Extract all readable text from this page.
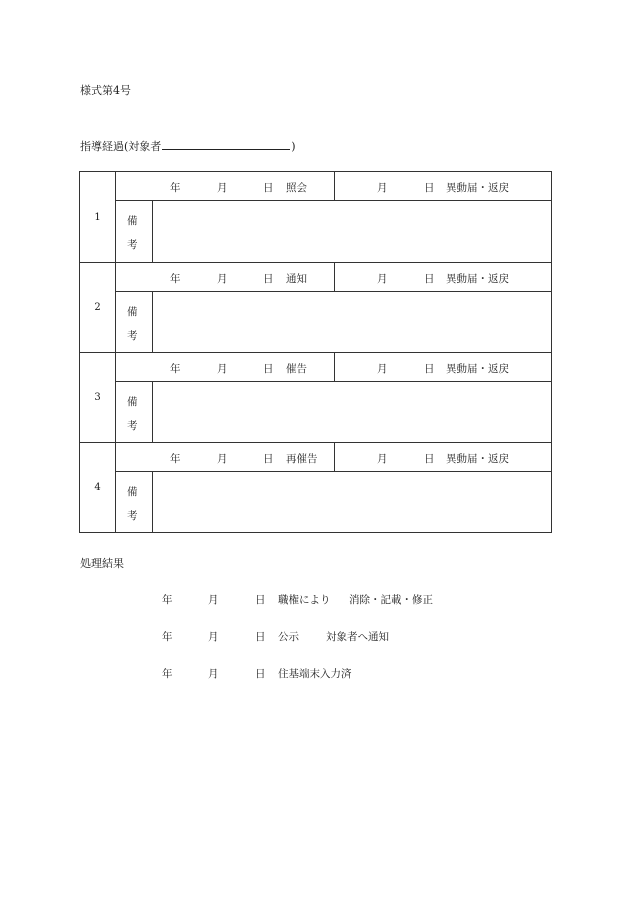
様式第4号
指導経過(対象者	)
1
年	月	日 照会	月	日 異動届・返戻
備
考
2
年	月	日 通知	月	日 異動届・返戻
備
考
3
年	月	日 催告	月	日 異動届・返戻
備
考
4
年	月	日 再催告	月	日 異動届・返戻
備
考
処理結果
年	月	日 職権により 消除・記載・修正
年	月	日 公示	対象者へ通知
年	月	日 住基端末入力済
